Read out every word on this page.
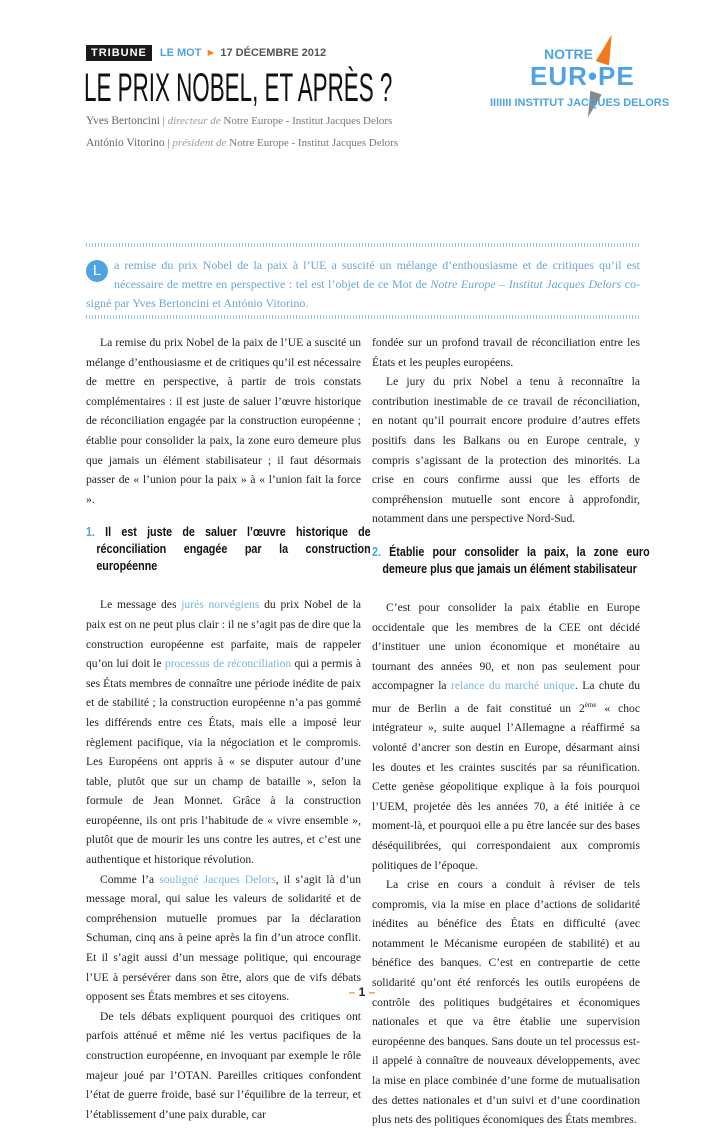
TRIBUNE	LE MOT ► 17 DÉCEMBRE 2012
LE PRIX NOBEL, ET APRÈS ?
Yves Bertoncini | directeur de Notre Europe - Institut Jacques Delors
António Vitorino | président de Notre Europe - Institut Jacques Delors
NOTRE
EUR•PE
IIIIIII INSTITUT JACQUES DELORS
L	a remise du prix Nobel de la paix à l’UE a suscité un mélange d’enthousiasme et de critiques qu’il est nécessaire de mettre en perspective : tel est l’objet de ce Mot de Notre Europe – Institut Jacques Delors co-signé par Yves Bertoncini et António Vitorino.

La remise du prix Nobel de la paix de l’UE a suscité un mélange d’enthousiasme et de critiques qu’il est nécessaire de mettre en perspective, à partir de trois constats complémentaires : il est juste de saluer l’œuvre historique de réconciliation engagée par la construction européenne ; établie pour consolider la paix, la zone euro demeure plus que jamais un élément stabilisateur ; il faut désormais passer de « l’union pour la paix » à « l’union fait la force ».

1. Il est juste de saluer l’œuvre historique de réconciliation engagée par la construction européenne

Le message des jurés norvégiens du prix Nobel de la paix est on ne peut plus clair : il ne s’agit pas de dire que la construction européenne est parfaite, mais de rappeler qu’on lui doit le processus de réconciliation qui a permis à ses États membres de connaître une période inédite de paix et de stabilité ; la construction européenne n’a pas gommé les différends entre ces États, mais elle a imposé leur règlement pacifique, via la négociation et le compromis. Les Européens ont appris à « se disputer autour d’une table, plutôt que sur un champ de bataille », selon la formule de Jean Monnet. Grâce à la construction européenne, ils ont pris l’habitude de « vivre ensemble », plutôt que de mourir les uns contre les autres, et c’est une authentique et historique révolution.

Comme l’a souligné Jacques Delors, il s’agit là d’un message moral, qui salue les valeurs de solidarité et de compréhension mutuelle promues par la déclaration Schuman, cinq ans à peine après la fin d’un atroce conflit. Et il s’agit aussi d’un message politique, qui encourage l’UE à persévérer dans son être, alors que de vifs débats opposent ses États membres et ses citoyens.

De tels débats expliquent pourquoi des critiques ont parfois atténué et même nié les vertus pacifiques de la construction européenne, en invoquant par exemple le rôle majeur joué par l’OTAN. Pareilles critiques confondent l’état de guerre froide, basé sur l’équilibre de la terreur, et l’établissement d’une paix durable, car

fondée sur un profond travail de réconciliation entre les États et les peuples européens.

Le jury du prix Nobel a tenu à reconnaître la contribution inestimable de ce travail de réconciliation, en notant qu’il pourrait encore produire d’autres effets positifs dans les Balkans ou en Europe centrale, y compris s’agissant de la protection des minorités. La crise en cours confirme aussi que les efforts de compréhension mutuelle sont encore à approfondir, notamment dans une perspective Nord-Sud.

2. Établie pour consolider la paix, la zone euro demeure plus que jamais un élément stabilisateur

C’est pour consolider la paix établie en Europe occidentale que les membres de la CEE ont décidé d’instituer une union économique et monétaire au tournant des années 90, et non pas seulement pour accompagner la relance du marché unique. La chute du mur de Berlin a de fait constitué un 2ème « choc intégrateur », suite auquel l’Allemagne a réaffirmé sa volonté d’ancrer son destin en Europe, désarmant ainsi les doutes et les craintes suscités par sa réunification. Cette genèse géopolitique explique à la fois pourquoi l’UEM, projetée dès les années 70, a été initiée à ce moment-là, et pourquoi elle a pu être lancée sur des bases déséquilibrées, qui correspondaient aux compromis politiques de l’époque.

La crise en cours a conduit à réviser de tels compromis, via la mise en place d’actions de solidarité inédites au bénéfice des États en difficulté (avec notamment le Mécanisme européen de stabilité) et au bénéfice des banques. C’est en contrepartie de cette solidarité qu’ont été renforcés les outils européens de contrôle des politiques budgétaires et économiques nationales et que va être établie une supervision européenne des banques. Sans doute un tel processus est-il appelé à connaître de nouveaux développements, avec la mise en place combinée d’une forme de mutualisation des dettes nationales et d’un suivi et d’une coordination plus nets des politiques économiques des États membres.

– 1 –
